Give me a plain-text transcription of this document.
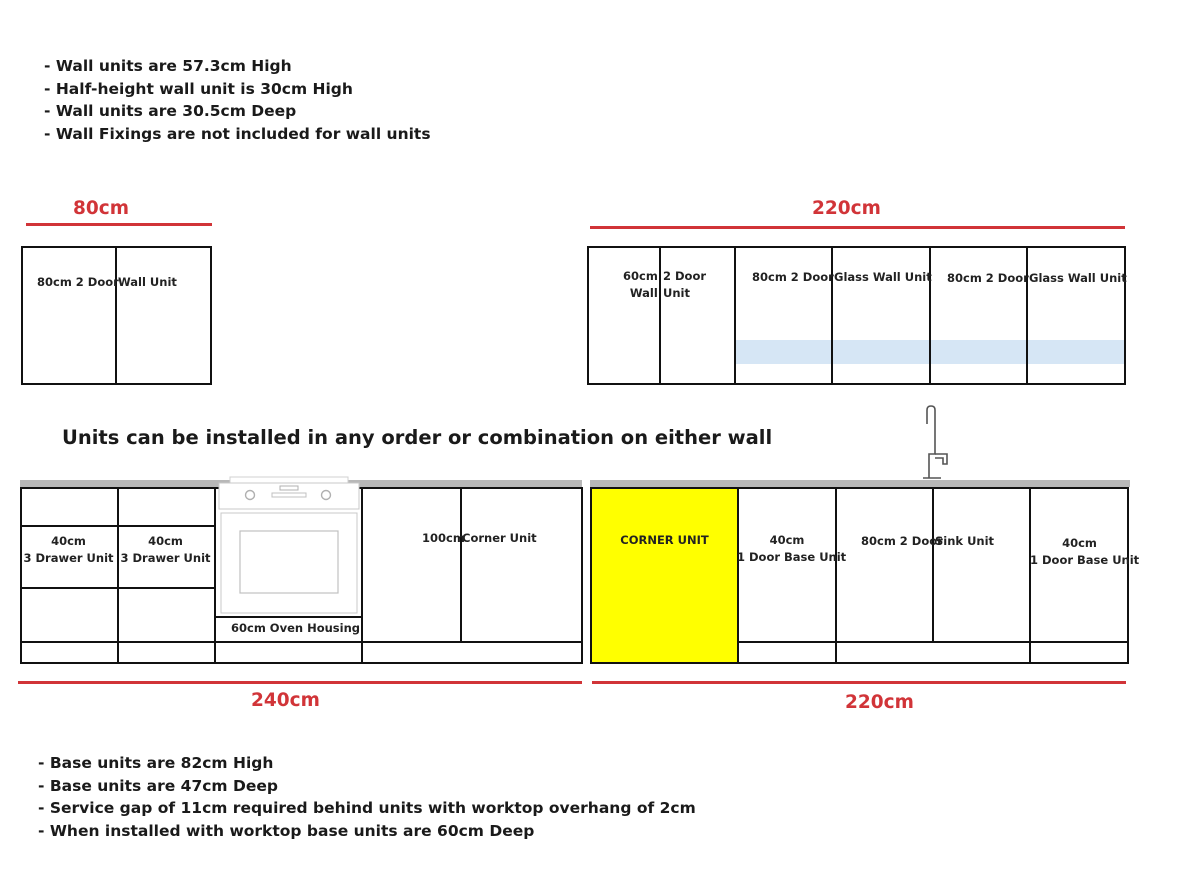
- Wall units are 57.3cm High
- Half-height wall unit is 30cm High
- Wall units are 30.5cm Deep
- Wall Fixings are not included for wall units
80cm	220cm
80cm 2 Door Wall Unit	60cm
Wall
2 Door
Unit
80cm 2 Door Glass Wall Unit 80cm 2 Door Glass Wall Unit
Units can be installed in any order or combination on either wall
40cm
3 Drawer Unit
40cm
3 Drawer Unit
60cm Oven Housing
100cm
Corner Unit	CORNER UNIT	40cm
1 Door Base Unit
80cm 2 Door
Sink Unit	40cm
1 Door Base Unit
240cm	220cm
- Base units are 82cm High
- Base units are 47cm Deep
- Service gap of 11cm required behind units with worktop overhang of 2cm
- When installed with worktop base units are 60cm Deep
